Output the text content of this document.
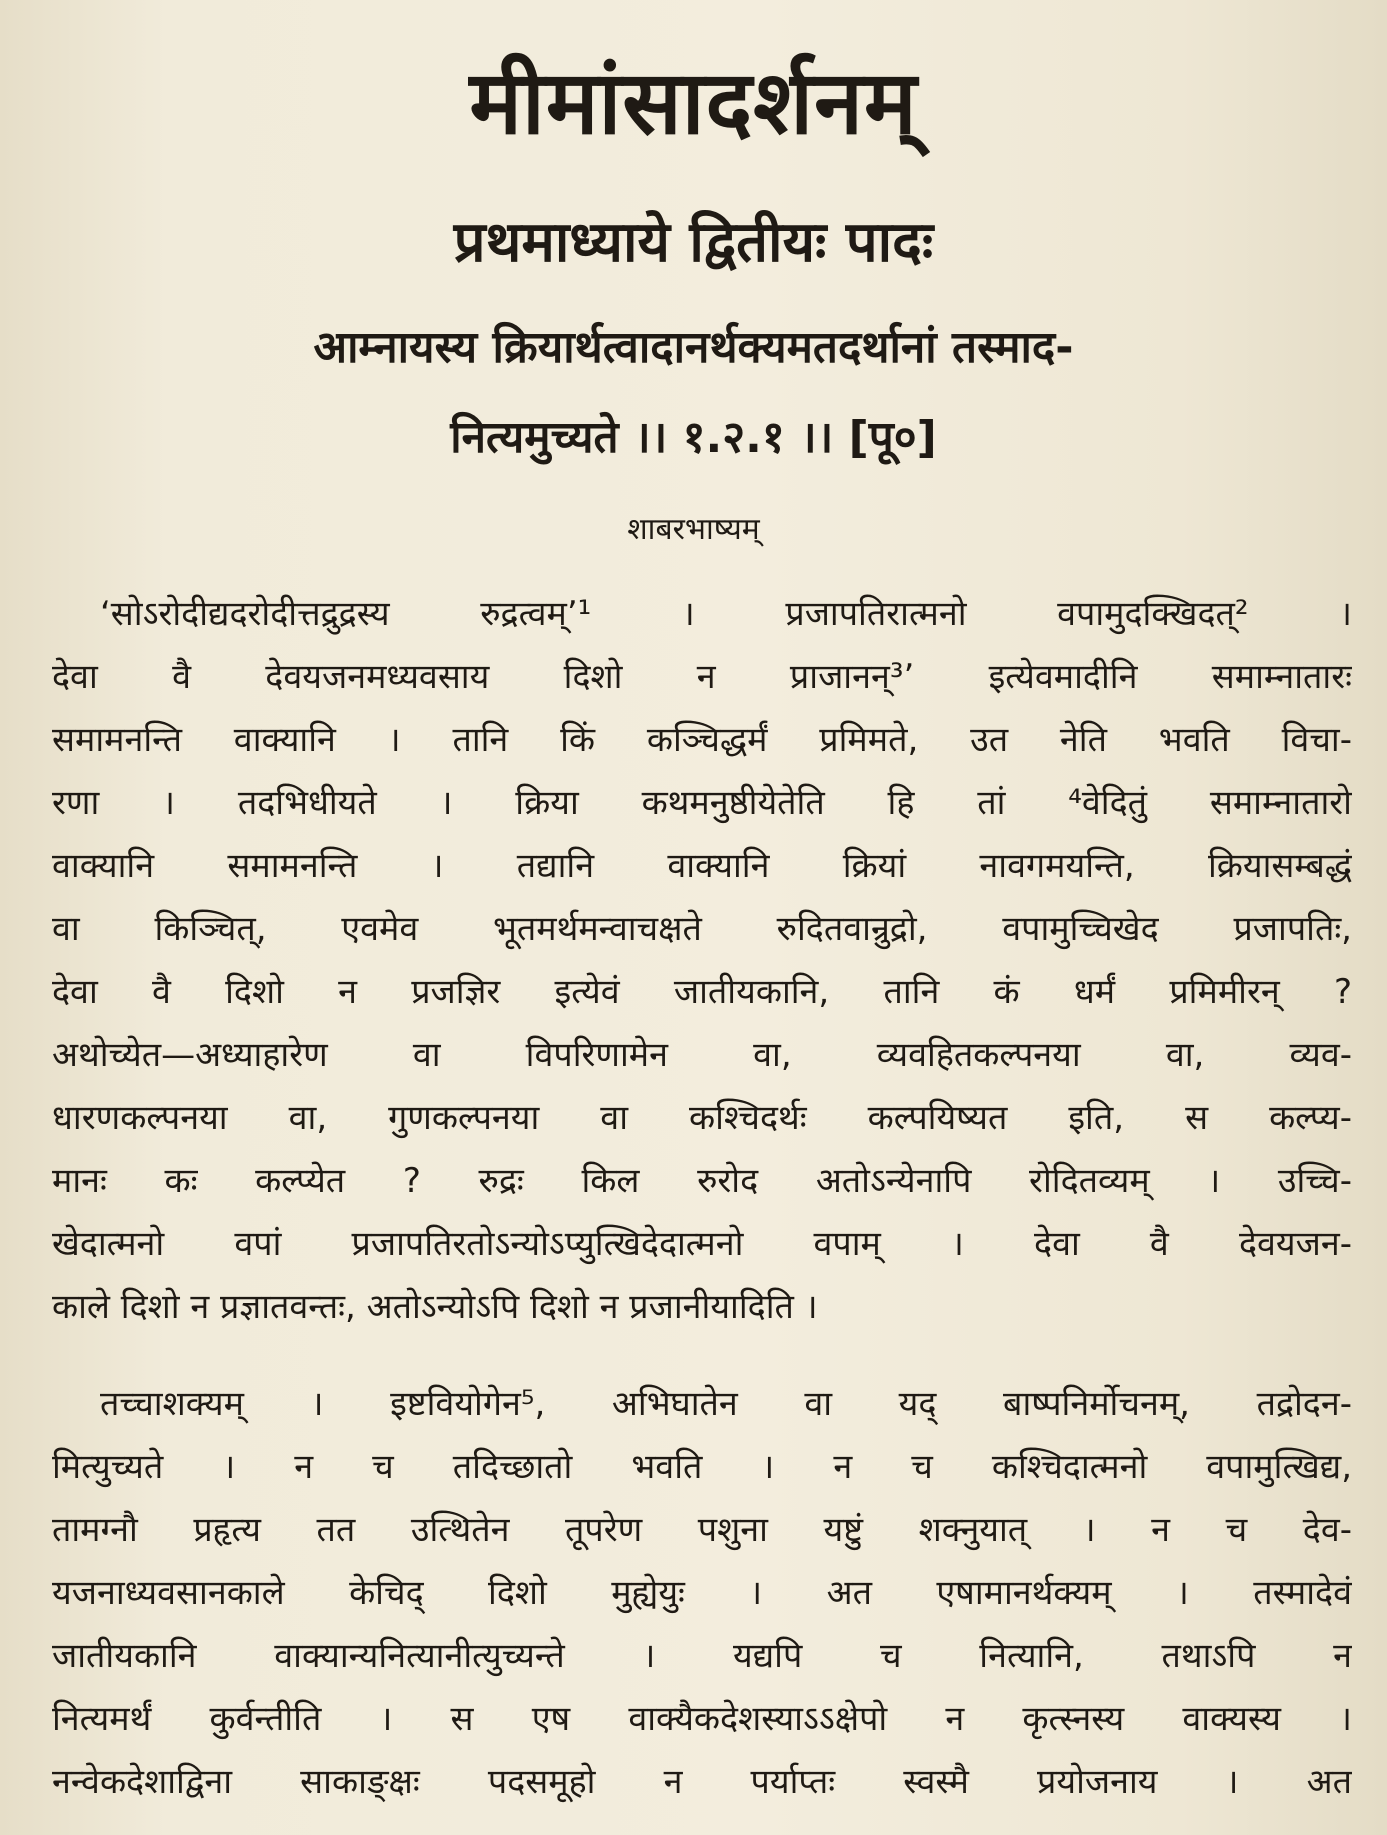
मीमांसादर्शनम्
प्रथमाध्याये द्वितीयः पादः
आम्नायस्य क्रियार्थत्वादानर्थक्यमतदर्थानां तस्माद-
नित्यमुच्यते ।। १.२.१ ।। [पू०]
शाबरभाष्यम्
‘सोऽरोदीद्यदरोदीत्तद्रुद्रस्य रुद्रत्वम्’¹ । प्रजापतिरात्मनो वपामुदक्खिदत्² ।
देवा वै देवयजनमध्यवसाय दिशो न प्राजानन्³’ इत्येवमादीनि समाम्नातारः
समामनन्ति वाक्यानि । तानि किं कञ्चिद्धर्मं प्रमिमते, उत नेति भवति विचा-
रणा । तदभिधीयते । क्रिया कथमनुष्ठीयेतेति हि तां ⁴वेदितुं समाम्नातारो
वाक्यानि समामनन्ति । तद्यानि वाक्यानि क्रियां नावगमयन्ति, क्रियासम्बद्धं
वा किञ्चित्, एवमेव भूतमर्थमन्वाचक्षते रुदितवान्रुद्रो, वपामुच्चिखेद प्रजापतिः,
देवा वै दिशो न प्रजज्ञिर इत्येवं जातीयकानि, तानि कं धर्मं प्रमिमीरन् ?
अथोच्येत—अध्याहारेण वा विपरिणामेन वा, व्यवहितकल्पनया वा, व्यव-
धारणकल्पनया वा, गुणकल्पनया वा कश्चिदर्थः कल्पयिष्यत इति, स कल्प्य-
मानः कः कल्प्येत ? रुद्रः किल रुरोद अतोऽन्येनापि रोदितव्यम् । उच्चि-
खेदात्मनो वपां प्रजापतिरतोऽन्योऽप्युत्खिदेदात्मनो वपाम् । देवा वै देवयजन-
काले दिशो न प्रज्ञातवन्तः, अतोऽन्योऽपि दिशो न प्रजानीयादिति ।
तच्चाशक्यम् । इष्टवियोगेन⁵, अभिघातेन वा यद् बाष्पनिर्मोचनम्, तद्रोदन-
मित्युच्यते । न च तदिच्छातो भवति । न च कश्चिदात्मनो वपामुत्खिद्य,
तामग्नौ प्रहृत्य तत उत्थितेन तूपरेण पशुना यष्टुं शक्नुयात् । न च देव-
यजनाध्यवसानकाले केचिद् दिशो मुह्येयुः । अत एषामानर्थक्यम् । तस्मादेवं
जातीयकानि वाक्यान्यनित्यानीत्युच्यन्ते । यद्यपि च नित्यानि, तथाऽपि न
नित्यमर्थं कुर्वन्तीति । स एष वाक्यैकदेशस्याऽऽक्षेपो न कृत्स्नस्य वाक्यस्य ।
नन्वेकदेशाद्विना साकाङ्क्षः पदसमूहो न पर्याप्तः स्वस्मै प्रयोजनाय । अत
